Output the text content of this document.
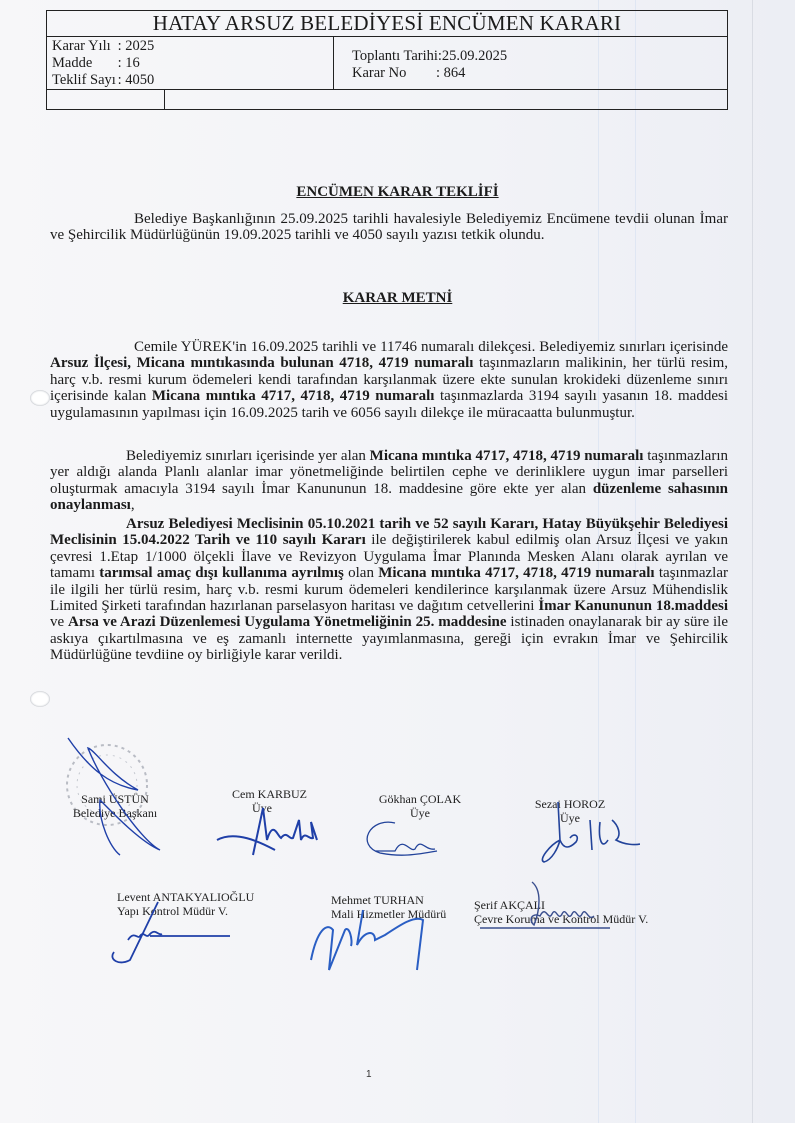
HATAY ARSUZ BELEDİYESİ ENCÜMEN KARARI
Karar Yılı : 2025
Madde : 16
Teklif Sayı : 4050
Toplantı Tarihi:25.09.2025
Karar No : 864
ENCÜMEN KARAR TEKLİFİ
Belediye Başkanlığının 25.09.2025 tarihli havalesiyle Belediyemiz Encümene tevdii olunan İmar ve Şehircilik Müdürlüğünün 19.09.2025 tarihli ve 4050 sayılı yazısı tetkik olundu.
KARAR METNİ
Cemile YÜREK'in 16.09.2025 tarihli ve 11746 numaralı dilekçesi. Belediyemiz sınırları içerisinde Arsuz İlçesi, Micana mıntıkasında bulunan 4718, 4719 numaralı taşınmazların malikinin, her türlü resim, harç v.b. resmi kurum ödemeleri kendi tarafından karşılanmak üzere ekte sunulan krokideki düzenleme sınırı içerisinde kalan Micana mıntıka 4717, 4718, 4719 numaralı taşınmazlarda 3194 sayılı yasanın 18. maddesi uygulamasının yapılması için 16.09.2025 tarih ve 6056 sayılı dilekçe ile müracaatta bulunmuştur.
Belediyemiz sınırları içerisinde yer alan Micana mıntıka 4717, 4718, 4719 numaralı taşınmazların yer aldığı alanda Planlı alanlar imar yönetmeliğinde belirtilen cephe ve derinliklere uygun imar parselleri oluşturmak amacıyla 3194 sayılı İmar Kanununun 18. maddesine göre ekte yer alan düzenleme sahasının onaylanması,
Arsuz Belediyesi Meclisinin 05.10.2021 tarih ve 52 sayılı Kararı, Hatay Büyükşehir Belediyesi Meclisinin 15.04.2022 Tarih ve 110 sayılı Kararı ile değiştirilerek kabul edilmiş olan Arsuz İlçesi ve yakın çevresi 1.Etap 1/1000 ölçekli İlave ve Revizyon Uygulama İmar Planında Mesken Alanı olarak ayrılan ve tamamı tarımsal amaç dışı kullanıma ayrılmış olan Micana mıntıka 4717, 4718, 4719 numaralı taşınmazlar ile ilgili her türlü resim, harç v.b. resmi kurum ödemeleri kendilerince karşılanmak üzere Arsuz Mühendislik Limited Şirketi tarafından hazırlanan parselasyon haritası ve dağıtım cetvellerini İmar Kanununun 18.maddesi ve Arsa ve Arazi Düzenlemesi Uygulama Yönetmeliğinin 25. maddesine istinaden onaylanarak bir ay süre ile askıya çıkartılmasına ve eş zamanlı internette yayımlanmasına, gereği için evrakın İmar ve Şehircilik Müdürlüğüne tevdiine oy birliğiyle karar verildi.
Sami ÜSTÜN
Belediye Başkanı
Cem KARBUZ
Üye
Gökhan ÇOLAK
Üye
Sezai HOROZ
Üye
Levent ANTAKYALIOĞLU
Yapı Kontrol Müdür V.
Mehmet TURHAN
Mali Hizmetler Müdürü
Şerif AKÇALI
Çevre Koruma ve Kontrol Müdür V.
1
